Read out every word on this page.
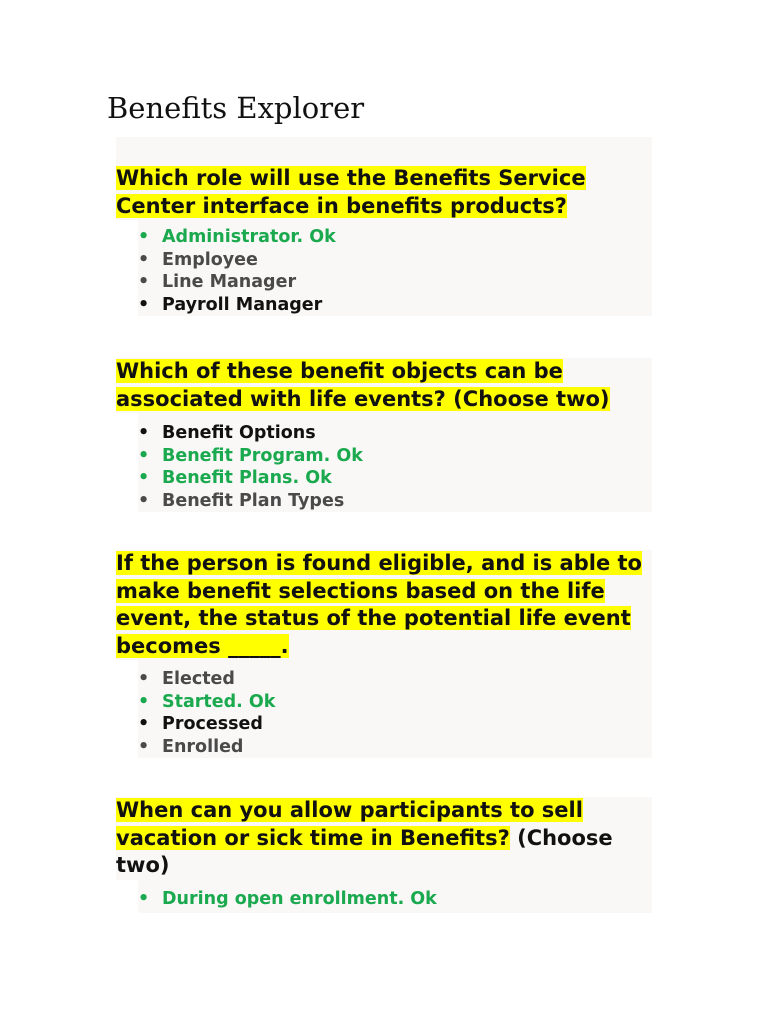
Benefits Explorer

Which role will use the Benefits Service Center interface in benefits products?

• Administrator. Ok
• Employee
• Line Manager
• Payroll Manager

Which of these benefit objects can be associated with life events? (Choose two)

• Benefit Options
• Benefit Program. Ok
• Benefit Plans. Ok
• Benefit Plan Types

If the person is found eligible, and is able to make benefit selections based on the life event, the status of the potential life event becomes _____.

• Elected
• Started. Ok
• Processed
• Enrolled

When can you allow participants to sell vacation or sick time in Benefits? (Choose two)

• During open enrollment. Ok
